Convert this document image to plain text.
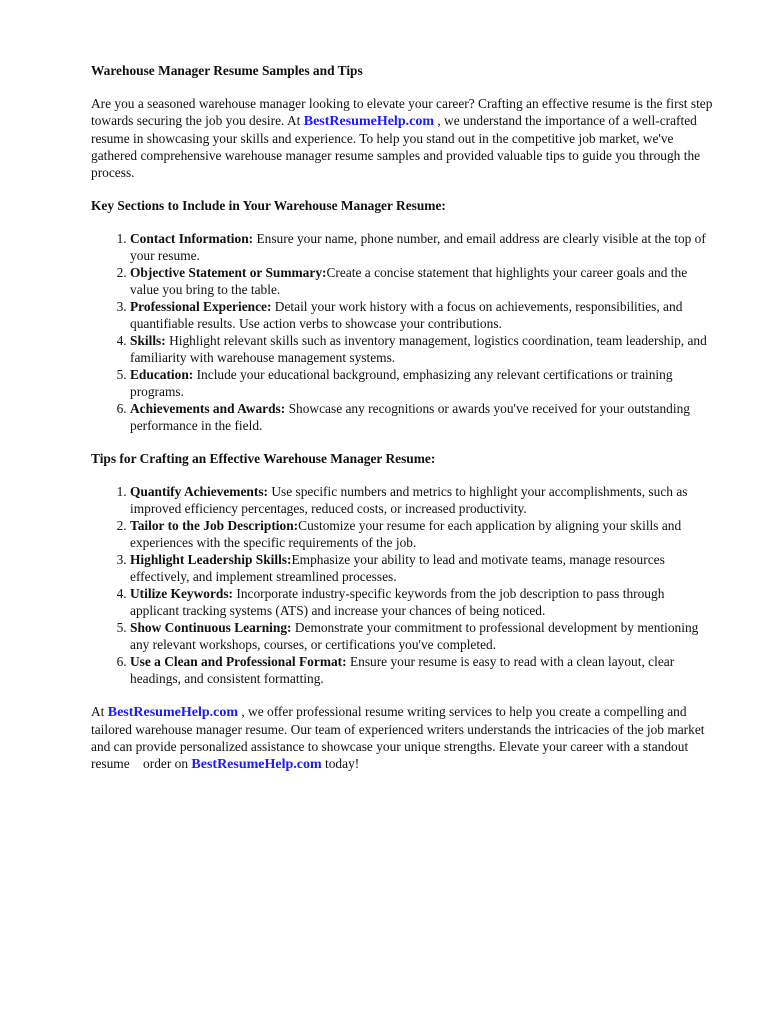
Warehouse Manager Resume Samples and Tips

Are you a seasoned warehouse manager looking to elevate your career? Crafting an effective resume is the first step towards securing the job you desire. At BestResumeHelp.com , we understand the importance of a well-crafted resume in showcasing your skills and experience. To help you stand out in the competitive job market, we've gathered comprehensive warehouse manager resume samples and provided valuable tips to guide you through the process.

Key Sections to Include in Your Warehouse Manager Resume:
1. Contact Information: Ensure your name, phone number, and email address are clearly visible at the top of your resume.
2. Objective Statement or Summary:Create a concise statement that highlights your career goals and the value you bring to the table.
3. Professional Experience: Detail your work history with a focus on achievements, responsibilities, and quantifiable results. Use action verbs to showcase your contributions.
4. Skills: Highlight relevant skills such as inventory management, logistics coordination, team leadership, and familiarity with warehouse management systems.
5. Education: Include your educational background, emphasizing any relevant certifications or training programs.
6. Achievements and Awards: Showcase any recognitions or awards you've received for your outstanding performance in the field.
Tips for Crafting an Effective Warehouse Manager Resume:
1. Quantify Achievements: Use specific numbers and metrics to highlight your accomplishments, such as improved efficiency percentages, reduced costs, or increased productivity.
2. Tailor to the Job Description:Customize your resume for each application by aligning your skills and experiences with the specific requirements of the job.
3. Highlight Leadership Skills:Emphasize your ability to lead and motivate teams, manage resources effectively, and implement streamlined processes.
4. Utilize Keywords: Incorporate industry-specific keywords from the job description to pass through applicant tracking systems (ATS) and increase your chances of being noticed.
5. Show Continuous Learning: Demonstrate your commitment to professional development by mentioning any relevant workshops, courses, or certifications you've completed.
6. Use a Clean and Professional Format: Ensure your resume is easy to read with a clean layout, clear headings, and consistent formatting.

At BestResumeHelp.com , we offer professional resume writing services to help you create a compelling and tailored warehouse manager resume. Our team of experienced writers understands the intricacies of the job market and can provide personalized assistance to showcase your unique strengths. Elevate your career with a standout resume    order on BestResumeHelp.com today!
